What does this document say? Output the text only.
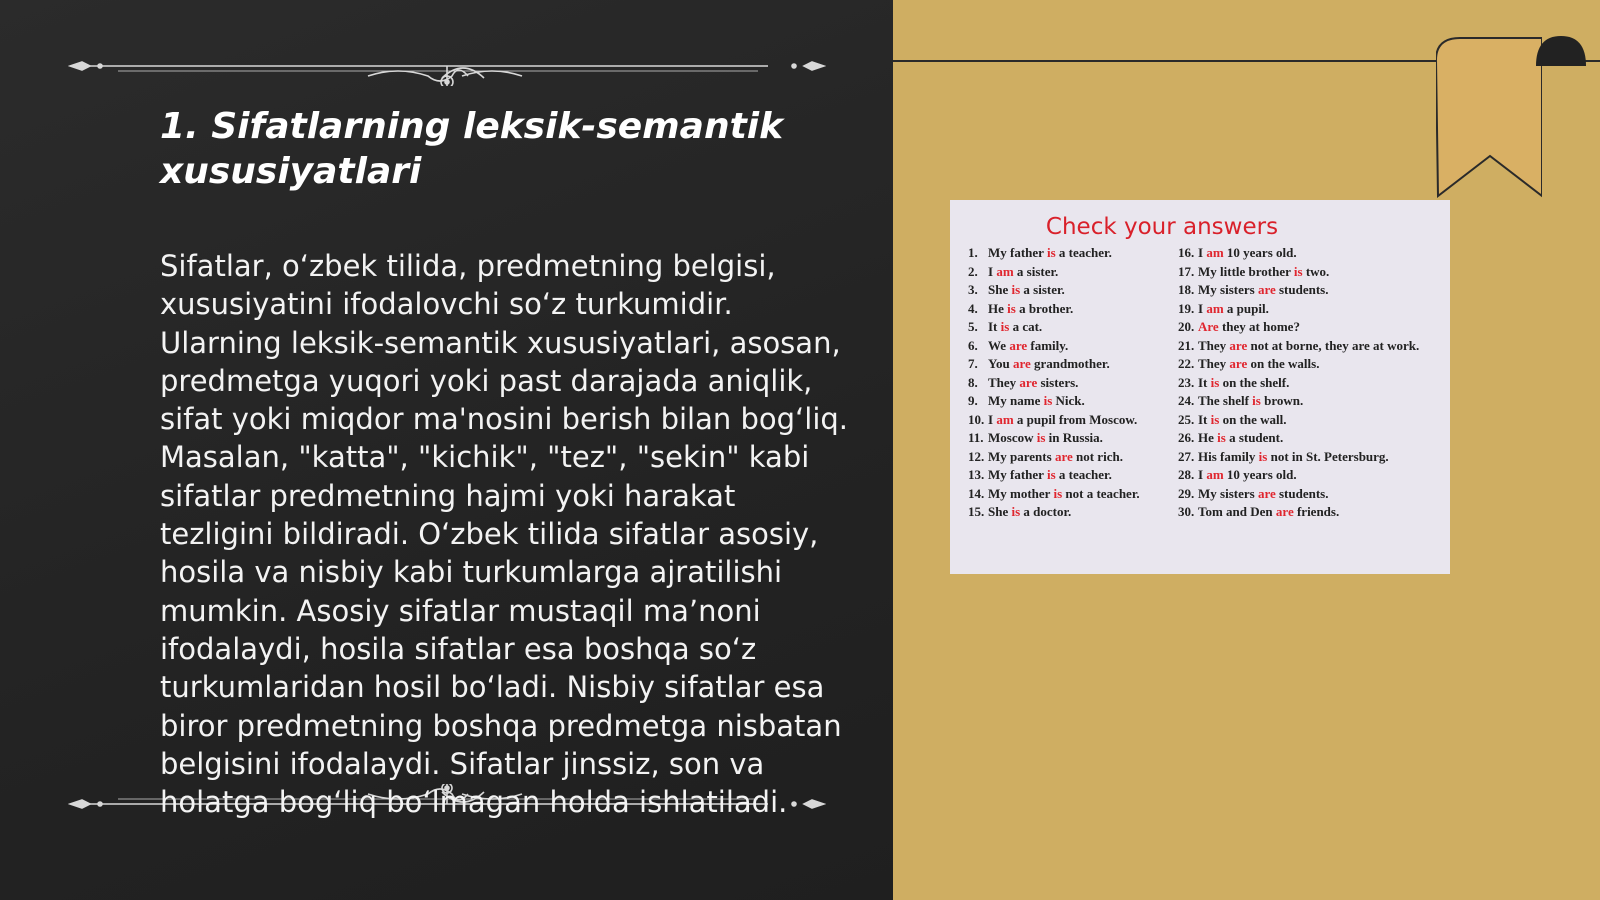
1. Sifatlarning leksik-semantik xususiyatlari

Sifatlar, oʻzbek tilida, predmetning belgisi, xususiyatini ifodalovchi soʻz turkumidir. Ularning leksik-semantik xususiyatlari, asosan, predmetga yuqori yoki past darajada aniqlik, sifat yoki miqdor ma'nosini berish bilan bogʻliq. Masalan, "katta", "kichik", "tez", "sekin" kabi sifatlar predmetning hajmi yoki harakat tezligini bildiradi. Oʻzbek tilida sifatlar asosiy, hosila va nisbiy kabi turkumlarga ajratilishi mumkin. Asosiy sifatlar mustaqil maʼnoni ifodalaydi, hosila sifatlar esa boshqa soʻz turkumlaridan hosil boʻladi. Nisbiy sifatlar esa biror predmetning boshqa predmetga nisbatan belgisini ifodalaydi. Sifatlar jinssiz, son va holatga bogʻliq boʻlmagan holda ishlatiladi.

Check your answers
1. My father is a teacher.
2. I am a sister.
3. She is a sister.
4. He is a brother.
5. It is a cat.
6. We are family.
7. You are grandmother.
8. They are sisters.
9. My name is Nick.
10. I am a pupil from Moscow.
11. Moscow is in Russia.
12. My parents are not rich.
13. My father is a teacher.
14. My mother is not a teacher.
15. She is a doctor.
16. I am 10 years old.
17. My little brother is two.
18. My sisters are students.
19. I am a pupil.
20. Are they at home?
21. They are not at borne, they are at work.
22. They are on the walls.
23. It is on the shelf.
24. The shelf is brown.
25. It is on the wall.
26. He is a student.
27. His family is not in St. Petersburg.
28. I am 10 years old.
29. My sisters are students.
30. Tom and Den are friends.
